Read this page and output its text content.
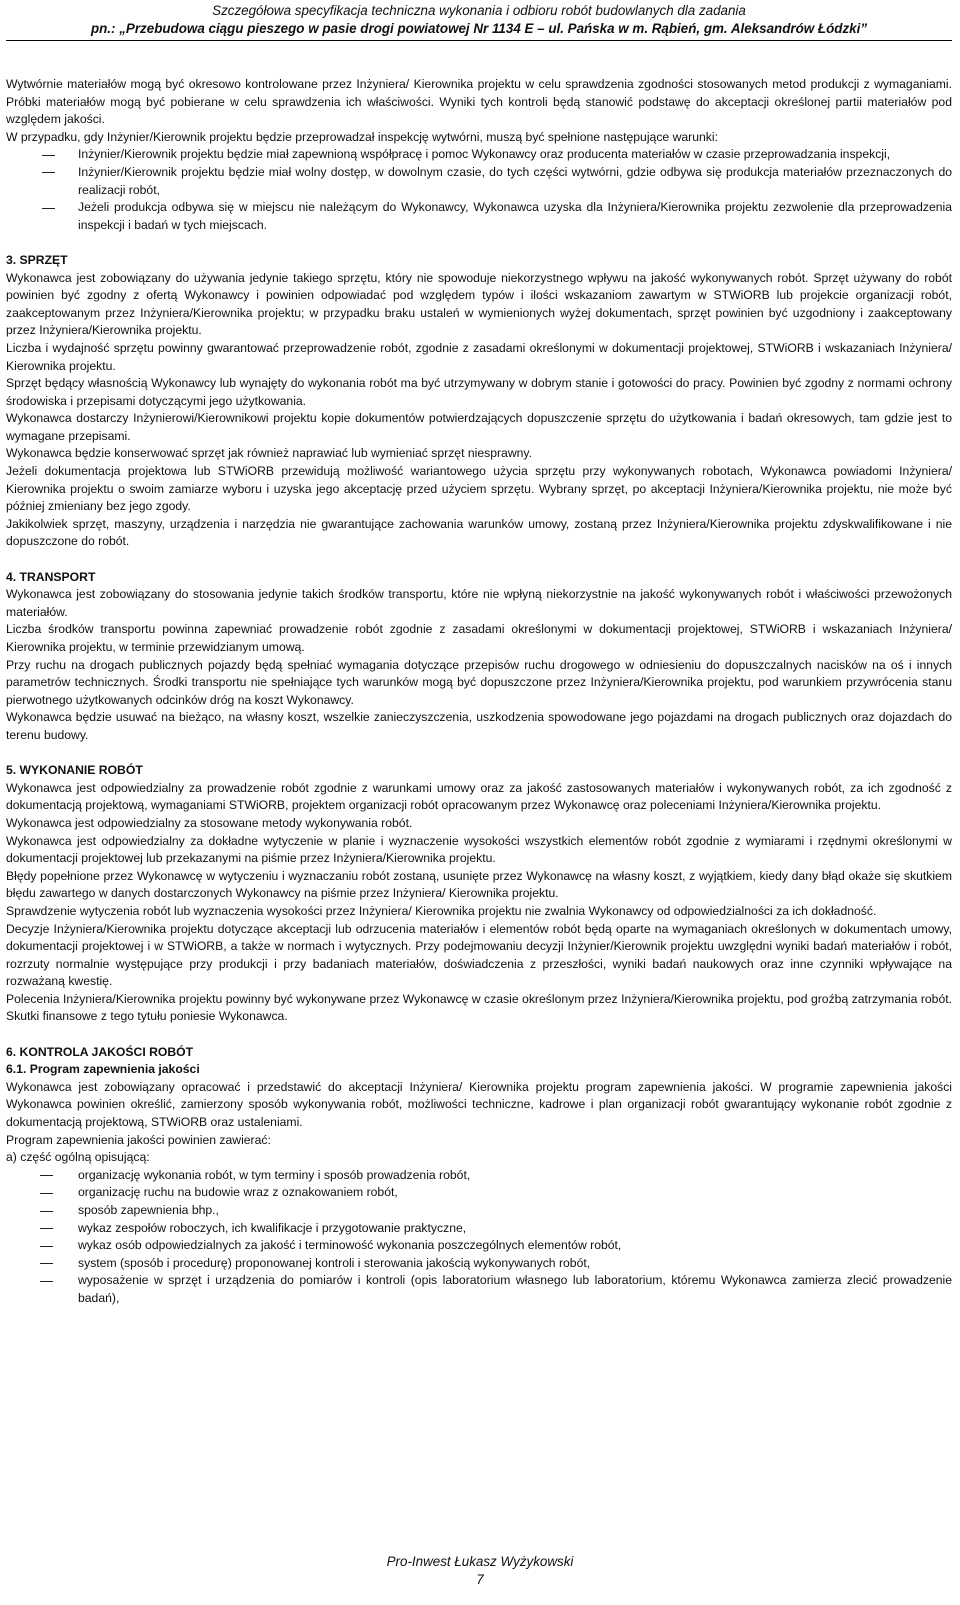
Szczegółowa specyfikacja techniczna wykonania i odbioru robót budowlanych dla zadania
pn.: „Przebudowa ciągu pieszego w pasie drogi powiatowej Nr 1134 E – ul. Pańska w m. Rąbień, gm. Aleksandrów Łódzki”

Wytwórnie materiałów mogą być okresowo kontrolowane przez Inżyniera/ Kierownika projektu w celu sprawdzenia zgodności stosowanych metod produkcji z wymaganiami. Próbki materiałów mogą być pobierane w celu sprawdzenia ich właściwości. Wyniki tych kontroli będą stanowić podstawę do akceptacji określonej partii materiałów pod względem jakości.

W przypadku, gdy Inżynier/Kierownik projektu będzie przeprowadzał inspekcję wytwórni, muszą być spełnione następujące warunki:

Inżynier/Kierownik projektu będzie miał zapewnioną współpracę i pomoc Wykonawcy oraz producenta materiałów w czasie przeprowadzania inspekcji,
Inżynier/Kierownik projektu będzie miał wolny dostęp, w dowolnym czasie, do tych części wytwórni, gdzie odbywa się produkcja materiałów przeznaczonych do realizacji robót,
Jeżeli produkcja odbywa się w miejscu nie należącym do Wykonawcy, Wykonawca uzyska dla Inżyniera/Kierownika projektu zezwolenie dla przeprowadzenia inspekcji i badań w tych miejscach.

3. SPRZĘT

Wykonawca jest zobowiązany do używania jedynie takiego sprzętu, który nie spowoduje niekorzystnego wpływu na jakość wykonywanych robót. Sprzęt używany do robót powinien być zgodny z ofertą Wykonawcy i powinien odpowiadać pod względem typów i ilości wskazaniom zawartym w STWiORB lub projekcie organizacji robót, zaakceptowanym przez Inżyniera/Kierownika projektu; w przypadku braku ustaleń w wymienionych wyżej dokumentach, sprzęt powinien być uzgodniony i zaakceptowany przez Inżyniera/Kierownika projektu.

Liczba i wydajność sprzętu powinny gwarantować przeprowadzenie robót, zgodnie z zasadami określonymi w dokumentacji projektowej, STWiORB i wskazaniach Inżyniera/ Kierownika projektu.

Sprzęt będący własnością Wykonawcy lub wynajęty do wykonania robót ma być utrzymywany w dobrym stanie i gotowości do pracy. Powinien być zgodny z normami ochrony środowiska i przepisami dotyczącymi jego użytkowania.

Wykonawca dostarczy Inżynierowi/Kierownikowi projektu kopie dokumentów potwierdzających dopuszczenie sprzętu do użytkowania i badań okresowych, tam gdzie jest to wymagane przepisami.

Wykonawca będzie konserwować sprzęt jak również naprawiać lub wymieniać sprzęt niesprawny.

Jeżeli dokumentacja projektowa lub STWiORB przewidują możliwość wariantowego użycia sprzętu przy wykonywanych robotach, Wykonawca powiadomi Inżyniera/ Kierownika projektu o swoim zamiarze wyboru i uzyska jego akceptację przed użyciem sprzętu. Wybrany sprzęt, po akceptacji Inżyniera/Kierownika projektu, nie może być później zmieniany bez jego zgody.

Jakikolwiek sprzęt, maszyny, urządzenia i narzędzia nie gwarantujące zachowania warunków umowy, zostaną przez Inżyniera/Kierownika projektu zdyskwalifikowane i nie dopuszczone do robót.

4. TRANSPORT

Wykonawca jest zobowiązany do stosowania jedynie takich środków transportu, które nie wpłyną niekorzystnie na jakość wykonywanych robót i właściwości przewożonych materiałów.

Liczba środków transportu powinna zapewniać prowadzenie robót zgodnie z zasadami określonymi w dokumentacji projektowej, STWiORB i wskazaniach Inżyniera/ Kierownika projektu, w terminie przewidzianym umową.

Przy ruchu na drogach publicznych pojazdy będą spełniać wymagania dotyczące przepisów ruchu drogowego w odniesieniu do dopuszczalnych nacisków na oś i innych parametrów technicznych. Środki transportu nie spełniające tych warunków mogą być dopuszczone przez Inżyniera/Kierownika projektu, pod warunkiem przywrócenia stanu pierwotnego użytkowanych odcinków dróg na koszt Wykonawcy.

Wykonawca będzie usuwać na bieżąco, na własny koszt, wszelkie zanieczyszczenia, uszkodzenia spowodowane jego pojazdami na drogach publicznych oraz dojazdach do terenu budowy.

5. WYKONANIE ROBÓT

Wykonawca jest odpowiedzialny za prowadzenie robót zgodnie z warunkami umowy oraz za jakość zastosowanych materiałów i wykonywanych robót, za ich zgodność z dokumentacją projektową, wymaganiami STWiORB, projektem organizacji robót opracowanym przez Wykonawcę oraz poleceniami Inżyniera/Kierownika projektu.

Wykonawca jest odpowiedzialny za stosowane metody wykonywania robót.

Wykonawca jest odpowiedzialny za dokładne wytyczenie w planie i wyznaczenie wysokości wszystkich elementów robót zgodnie z wymiarami i rzędnymi określonymi w dokumentacji projektowej lub przekazanymi na piśmie przez Inżyniera/Kierownika projektu.

Błędy popełnione przez Wykonawcę w wytyczeniu i wyznaczaniu robót zostaną, usunięte przez Wykonawcę na własny koszt, z wyjątkiem, kiedy dany błąd okaże się skutkiem błędu zawartego w danych dostarczonych Wykonawcy na piśmie przez Inżyniera/ Kierownika projektu.

Sprawdzenie wytyczenia robót lub wyznaczenia wysokości przez Inżyniera/ Kierownika projektu nie zwalnia Wykonawcy od odpowiedzialności za ich dokładność.

Decyzje Inżyniera/Kierownika projektu dotyczące akceptacji lub odrzucenia materiałów i elementów robót będą oparte na wymaganiach określonych w dokumentach umowy, dokumentacji projektowej i w STWiORB, a także w normach i wytycznych. Przy podejmowaniu decyzji Inżynier/Kierownik projektu uwzględni wyniki badań materiałów i robót, rozrzuty normalnie występujące przy produkcji i przy badaniach materiałów, doświadczenia z przeszłości, wyniki badań naukowych oraz inne czynniki wpływające na rozważaną kwestię.

Polecenia Inżyniera/Kierownika projektu powinny być wykonywane przez Wykonawcę w czasie określonym przez Inżyniera/Kierownika projektu, pod groźbą zatrzymania robót. Skutki finansowe z tego tytułu poniesie Wykonawca.

6. KONTROLA JAKOŚCI ROBÓT

6.1. Program zapewnienia jakości

Wykonawca jest zobowiązany opracować i przedstawić do akceptacji Inżyniera/ Kierownika projektu program zapewnienia jakości. W programie zapewnienia jakości Wykonawca powinien określić, zamierzony sposób wykonywania robót, możliwości techniczne, kadrowe i plan organizacji robót gwarantujący wykonanie robót zgodnie z dokumentacją projektową, STWiORB oraz ustaleniami.

Program zapewnienia jakości powinien zawierać:

a) część ogólną opisującą:

organizację wykonania robót, w tym terminy i sposób prowadzenia robót,
organizację ruchu na budowie wraz z oznakowaniem robót,
sposób zapewnienia bhp.,
wykaz zespołów roboczych, ich kwalifikacje i przygotowanie praktyczne,
wykaz osób odpowiedzialnych za jakość i terminowość wykonania poszczególnych elementów robót,
system (sposób i procedurę) proponowanej kontroli i sterowania jakością wykonywanych robót,
wyposażenie w sprzęt i urządzenia do pomiarów i kontroli (opis laboratorium własnego lub laboratorium, któremu Wykonawca zamierza zlecić prowadzenie badań),
Pro-Inwest Łukasz Wyżykowski
7
